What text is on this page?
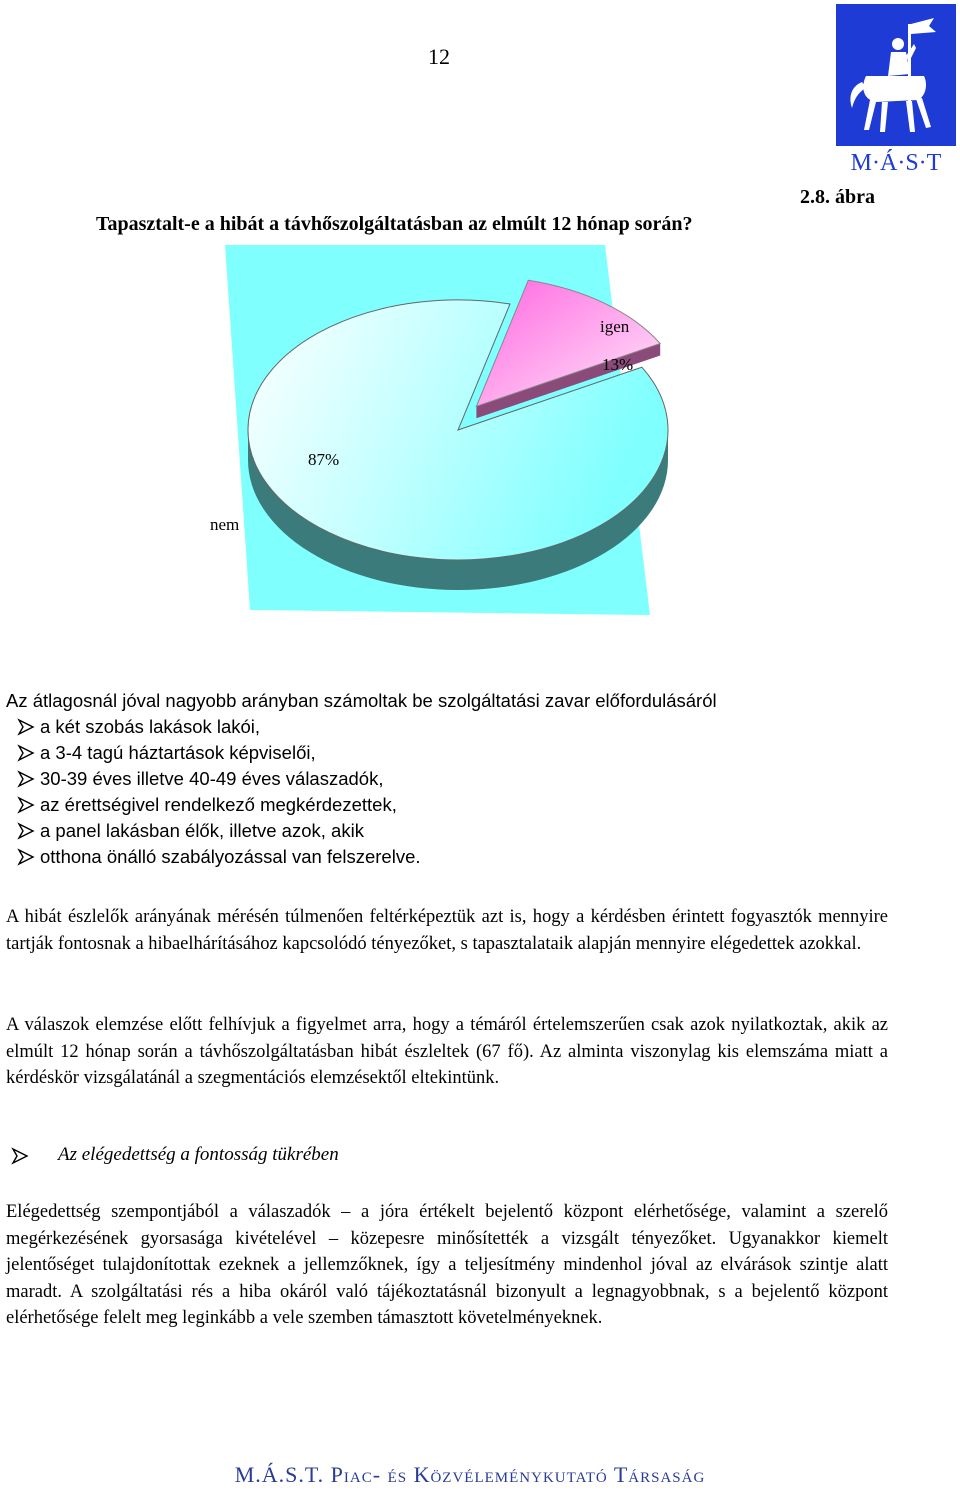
12
M·Á·S·T
2.8. ábra
Tapasztalt-e a hibát a távhőszolgáltatásban az elmúlt 12 hónap során?
igen
13%
87%
nem
Az átlagosnál jóval nagyobb arányban számoltak be szolgáltatási zavar előfordulásáról
a két szobás lakások lakói,
a 3-4 tagú háztartások képviselői,
30-39 éves illetve 40-49 éves válaszadók,
az érettségivel rendelkező megkérdezettek,
a panel lakásban élők, illetve azok, akik
otthona önálló szabályozással van felszerelve.
A hibát észlelők arányának mérésén túlmenően feltérképeztük azt is, hogy a kérdésben érintett fogyasztók mennyire tartják fontosnak a hibaelhárításához kapcsolódó tényezőket, s tapasztalataik alapján mennyire elégedettek azokkal.
A válaszok elemzése előtt felhívjuk a figyelmet arra, hogy a témáról értelemszerűen csak azok nyilatkoztak, akik az elmúlt 12 hónap során a távhőszolgáltatásban hibát észleltek (67 fő). Az alminta viszonylag kis elemszáma miatt a kérdéskör vizsgálatánál a szegmentációs elemzésektől eltekintünk.
Az elégedettség a fontosság tükrében
Elégedettség szempontjából a válaszadók – a jóra értékelt bejelentő központ elérhetősége, valamint a szerelő megérkezésének gyorsasága kivételével – közepesre minősítették a vizsgált tényezőket. Ugyanakkor kiemelt jelentőséget tulajdonítottak ezeknek a jellemzőknek, így a teljesítmény mindenhol jóval az elvárások szintje alatt maradt. A szolgáltatási rés a hiba okáról való tájékoztatásnál bizonyult a legnagyobbnak, s a bejelentő központ elérhetősége felelt meg leginkább a vele szemben támasztott követelményeknek.
M.Á.S.T. Piac- és Közvéleménykutató Társaság
